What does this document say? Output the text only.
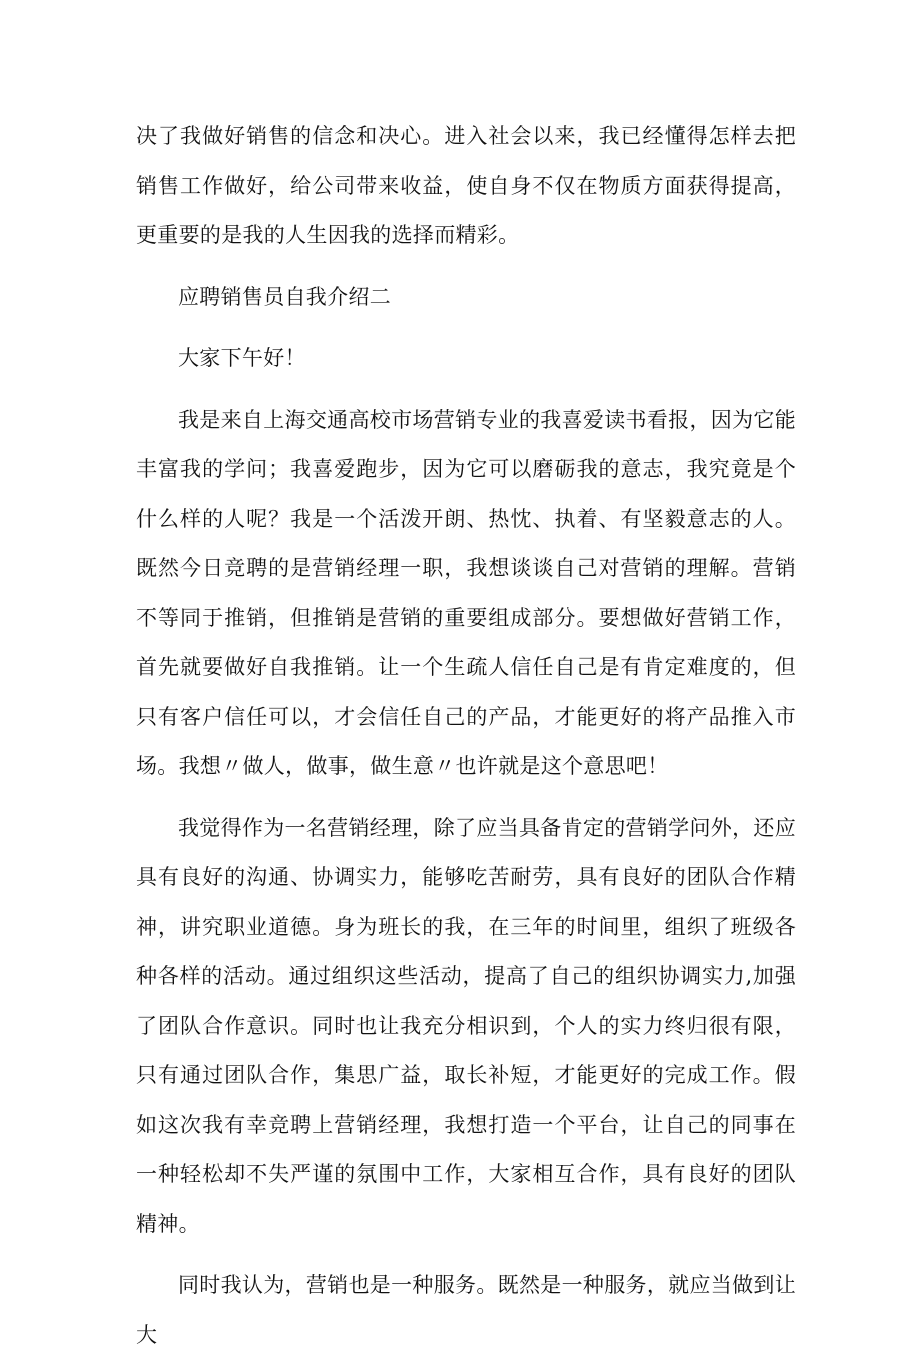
决了我做好销售的信念和决心。进入社会以来，我已经懂得怎样去把销售工作做好，给公司带来收益，使自身不仅在物质方面获得提高，更重要的是我的人生因我的选择而精彩。

应聘销售员自我介绍二

大家下午好！

我是来自上海交通高校市场营销专业的我喜爱读书看报，因为它能丰富我的学问；我喜爱跑步，因为它可以磨砺我的意志，我究竟是个什么样的人呢？我是一个活泼开朗、热忱、执着、有坚毅意志的人。既然今日竞聘的是营销经理一职，我想谈谈自己对营销的理解。营销不等同于推销，但推销是营销的重要组成部分。要想做好营销工作，首先就要做好自我推销。让一个生疏人信任自己是有肯定难度的，但只有客户信任可以，才会信任自己的产品，才能更好的将产品推入市场。我想〃做人，做事，做生意〃也许就是这个意思吧！

我觉得作为一名营销经理，除了应当具备肯定的营销学问外，还应具有良好的沟通、协调实力，能够吃苦耐劳，具有良好的团队合作精神，讲究职业道德。身为班长的我，在三年的时间里，组织了班级各种各样的活动。通过组织这些活动，提高了自己的组织协调实力,加强了团队合作意识。同时也让我充分相识到，个人的实力终归很有限，只有通过团队合作，集思广益，取长补短，才能更好的完成工作。假如这次我有幸竞聘上营销经理，我想打造一个平台，让自己的同事在一种轻松却不失严谨的氛围中工作，大家相互合作，具有良好的团队精神。

同时我认为，营销也是一种服务。既然是一种服务，就应当做到让大
